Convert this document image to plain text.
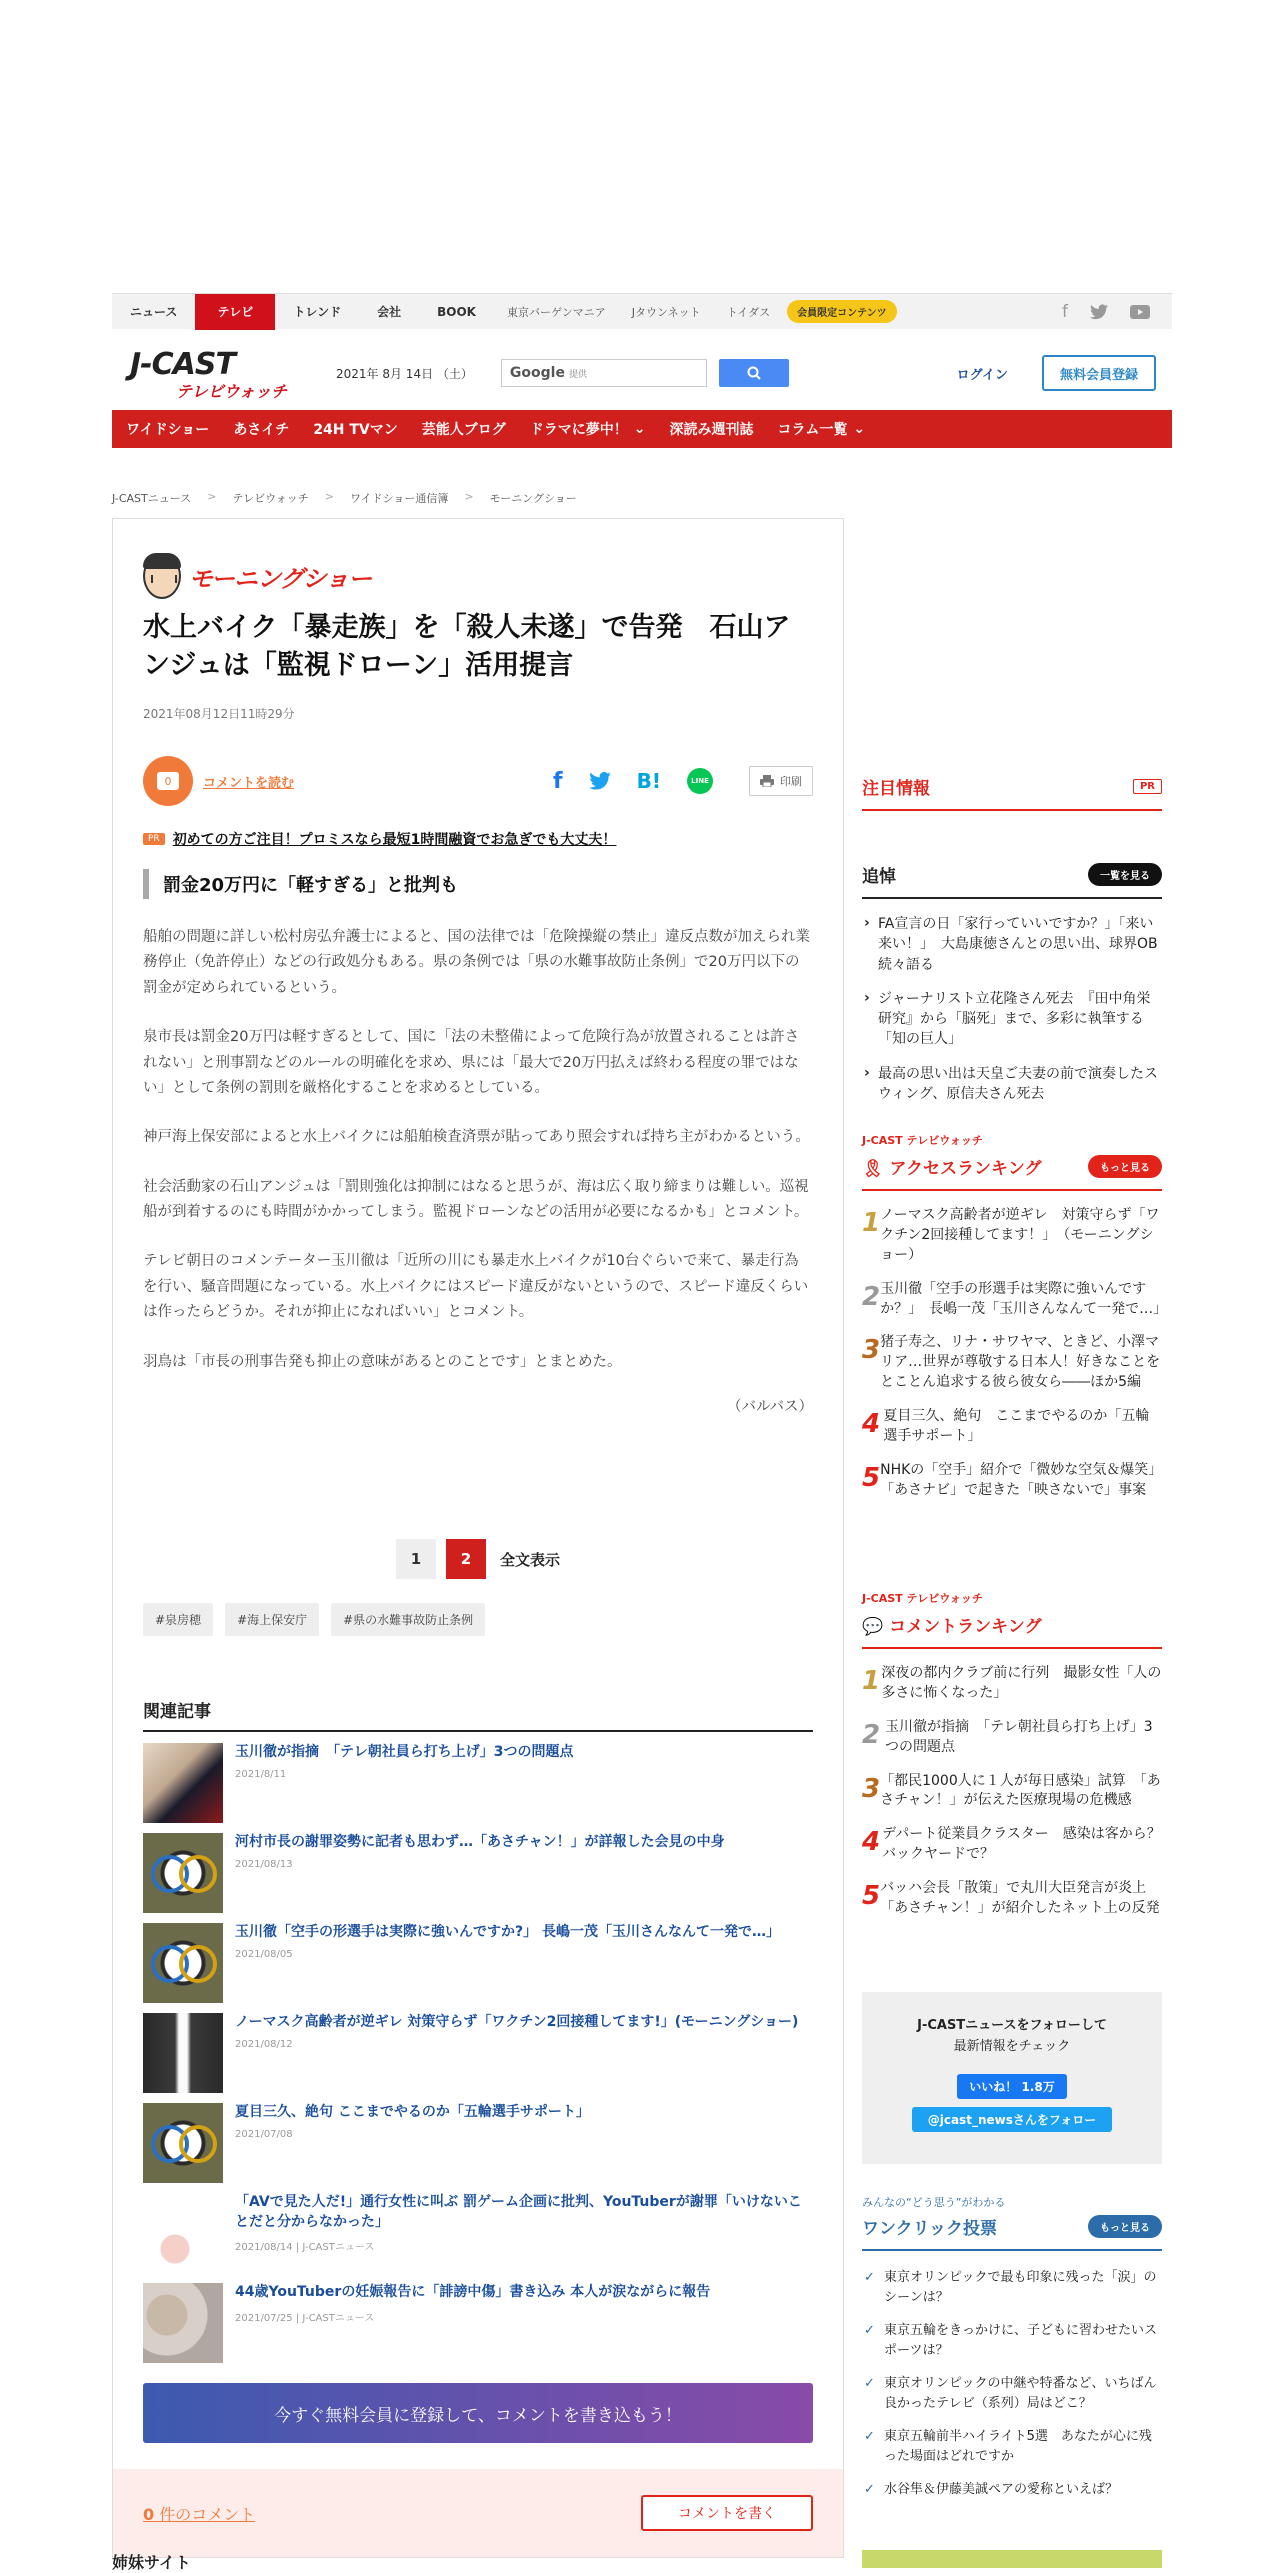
ニュース	テレビ	トレンド	会社	BOOK	東京バーゲンマニア	Jタウンネット	トイダス	会員限定コンテンツ	f
J-CAST
テレビウォッチ
2021年 8月 14日 （土）	Google 提供	ログイン	無料会員登録
ワイドショー	あさイチ	24H TVマン	芸能人ブログ	ドラマに夢中！ ⌄	深読み週刊誌	コラム一覧 ⌄
J-CASTニュース > テレビウォッチ > ワイドショー通信簿 > モーニングショー
モーニングショー
水上バイク「暴走族」を「殺人未遂」で告発　石山アンジュは「監視ドローン」活用提言
2021年08月12日11時29分
0	コメントを読む	f	B!	LINE	印刷
PR 初めての方ご注目！プロミスなら最短1時間融資でお急ぎでも大丈夫！
罰金20万円に「軽すぎる」と批判も

船舶の問題に詳しい松村房弘弁護士によると、国の法律では「危険操縦の禁止」違反点数が加えられ業務停止（免許停止）などの行政処分もある。県の条例では「県の水難事故防止条例」で20万円以下の罰金が定められているという。

泉市長は罰金20万円は軽すぎるとして、国に「法の未整備によって危険行為が放置されることは許されない」と刑事罰などのルールの明確化を求め、県には「最大で20万円払えば終わる程度の罪ではない」として条例の罰則を厳格化することを求めるとしている。

神戸海上保安部によると水上バイクには船舶検査済票が貼ってあり照会すれば持ち主がわかるという。

社会活動家の石山アンジュは「罰則強化は抑制にはなると思うが、海は広く取り締まりは難しい。巡視船が到着するのにも時間がかかってしまう。監視ドローンなどの活用が必要になるかも」とコメント。

テレビ朝日のコメンテーター玉川徹は「近所の川にも暴走水上バイクが10台ぐらいで来て、暴走行為を行い、騒音問題になっている。水上バイクにはスピード違反がないというので、スピード違反くらいは作ったらどうか。それが抑止になればいい」とコメント。

羽鳥は「市長の刑事告発も抑止の意味があるとのことです」とまとめた。

（バルバス）

1	2	全文表示
#泉房穂	#海上保安庁	#県の水難事故防止条例
関連記事
玉川徹が指摘　「テレ朝社員ら打ち上げ」3つの問題点
2021/8/11
河村市長の謝罪姿勢に記者も思わず…「あさチャン！」が詳報した会見の中身
2021/08/13
玉川徹「空手の形選手は実際に強いんですか?」 長嶋一茂「玉川さんなんて一発で…」
2021/08/05
ノーマスク高齢者が逆ギレ 対策守らず「ワクチン2回接種してます!」(モーニングショー)
2021/08/12
夏目三久、絶句 ここまでやるのか「五輪選手サポート」
2021/07/08
「AVで見た人だ!」通行女性に叫ぶ 罰ゲーム企画に批判、YouTuberが謝罪「いけないことだと分からなかった」
2021/08/14 | J-CASTニュース
44歳YouTuberの妊娠報告に「誹謗中傷」書き込み 本人が涙ながらに報告
2021/07/25 | J-CASTニュース
今すぐ無料会員に登録して、コメントを書き込もう！
0 件のコメント	コメントを書く
姉妹サイト
注目情報	PR
追悼	一覧を見る
› FA宣言の日「家行っていいですか？」「来い来い！」　大島康徳さんとの思い出、球界OB続々語る
› ジャーナリスト立花隆さん死去　『田中角栄研究』から「脳死」まで、多彩に執筆する「知の巨人」
› 最高の思い出は天皇ご夫妻の前で演奏したスウィング、原信夫さん死去
J-CAST テレビウォッチ
🎗 アクセスランキング	もっと見る
1 ノーマスク高齢者が逆ギレ　対策守らず「ワクチン2回接種してます！」　（モーニングショー）
2 玉川徹「空手の形選手は実際に強いんですか？」　長嶋一茂「玉川さんなんて一発で…」
3 猪子寿之、リナ・サワヤマ、ときど、小澤マリア…世界が尊敬する日本人！好きなことをとことん追求する彼ら彼女ら――ほか5編
4 夏目三久、絶句　ここまでやるのか「五輪選手サポート」
5 NHKの「空手」紹介で「微妙な空気＆爆笑」「あさナビ」で起きた「映さないで」事案
J-CAST テレビウォッチ
💬 コメントランキング
1 深夜の都内クラブ前に行列　撮影女性「人の多さに怖くなった」
2 玉川徹が指摘　「テレ朝社員ら打ち上げ」3つの問題点
3 「都民1000人に１人が毎日感染」試算　「あさチャン！」が伝えた医療現場の危機感
4 デパート従業員クラスター　感染は客から？バックヤードで？
5 バッハ会長「散策」で丸川大臣発言が炎上　「あさチャン！」が紹介したネット上の反発
J-CASTニュースをフォローして
最新情報をチェック
いいね！ 1.8万
@jcast_newsさんをフォロー
みんなの“どう思う”がわかる
ワンクリック投票	もっと見る
✓ 東京オリンピックで最も印象に残った「涙」のシーンは？
✓ 東京五輪をきっかけに、子どもに習わせたいスポーツは？
✓ 東京オリンピックの中継や特番など、いちばん良かったテレビ（系列）局はどこ？
✓ 東京五輪前半ハイライト5選　あなたが心に残った場面はどれですか
✓ 水谷隼＆伊藤美誠ペアの愛称といえば？
